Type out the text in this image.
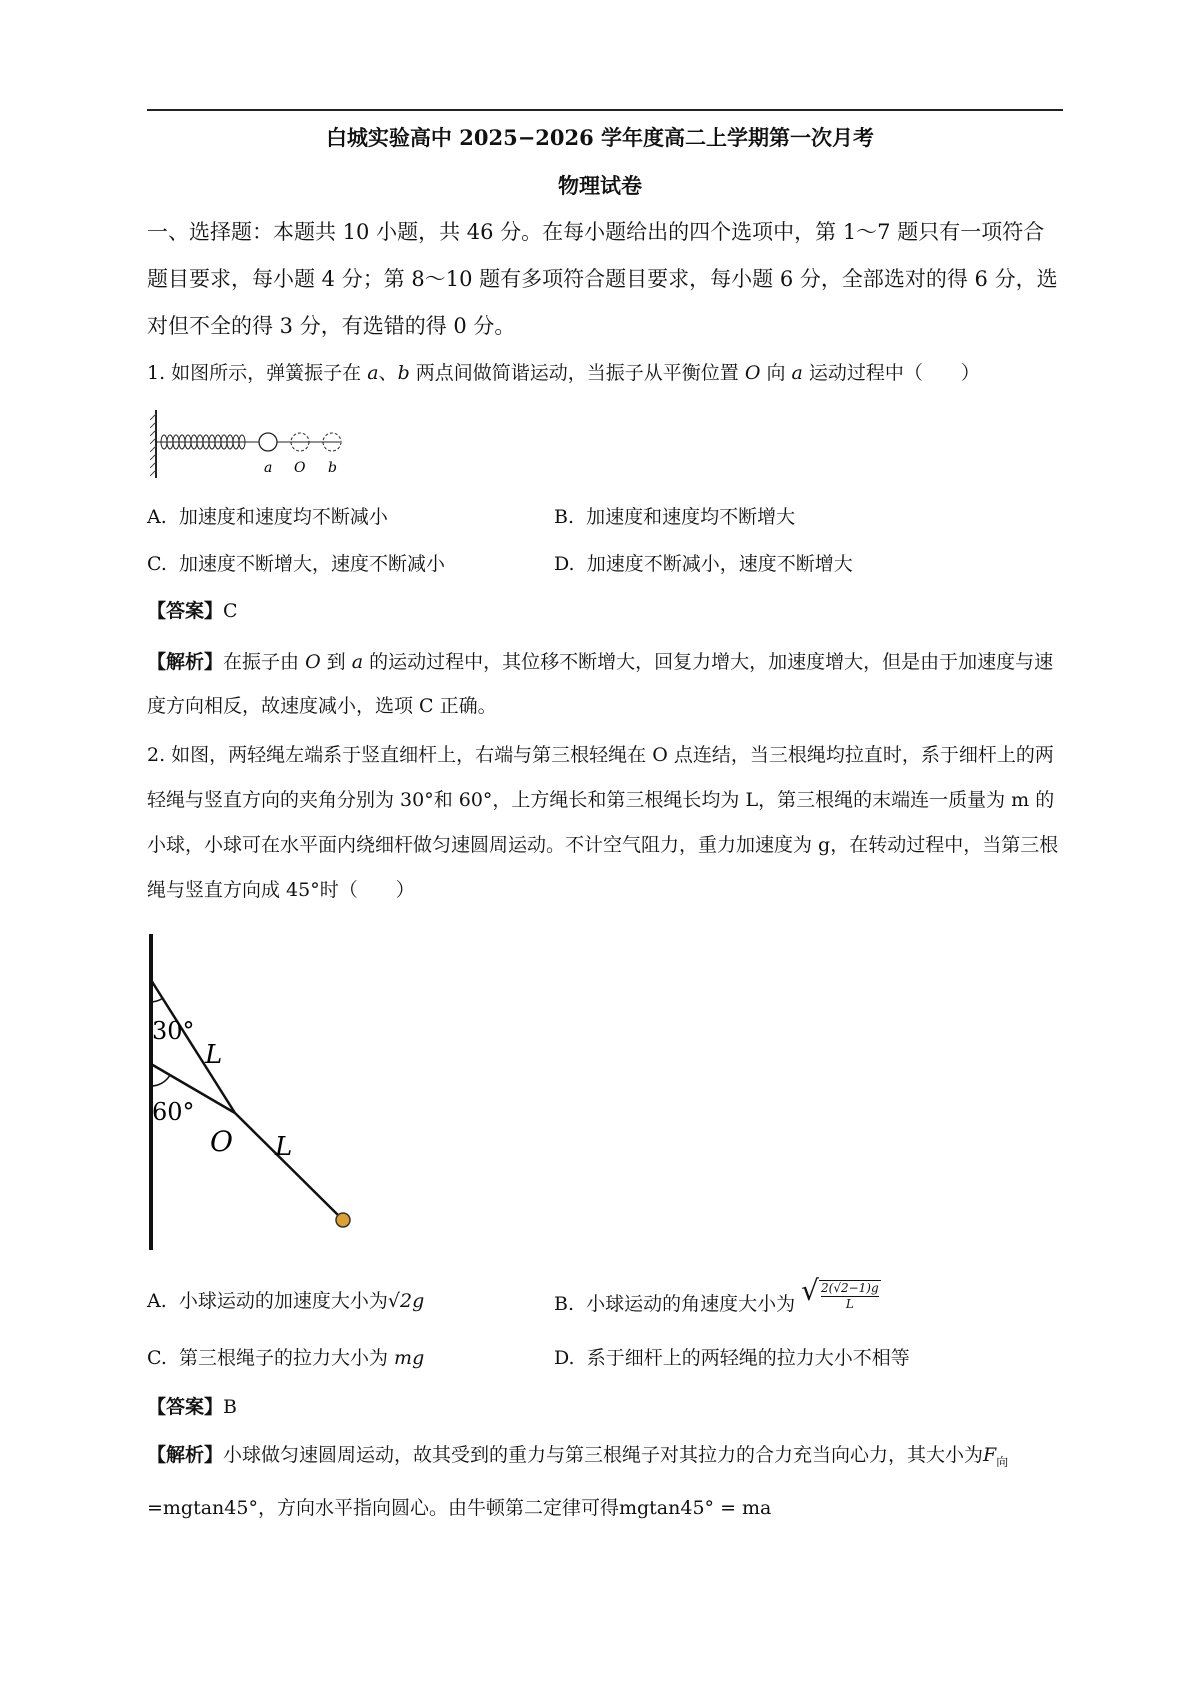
白城实验高中 2025−2026 学年度高二上学期第一次月考
物理试卷
一、选择题：本题共 10 小题，共 46 分。在每小题给出的四个选项中，第 1～7 题只有一项符合题目要求，每小题 4 分；第 8～10 题有多项符合题目要求，每小题 6 分，全部选对的得 6 分，选对但不全的得 3 分，有选错的得 0 分。
1. 如图所示，弹簧振子在 a、b 两点间做简谐运动，当振子从平衡位置 O 向 a 运动过程中（　　）
a O b
A. 加速度和速度均不断减小	B. 加速度和速度均不断增大
C. 加速度不断增大，速度不断减小	D. 加速度不断减小，速度不断增大
【答案】C
【解析】在振子由 O 到 a 的运动过程中，其位移不断增大，回复力增大，加速度增大，但是由于加速度与速度方向相反，故速度减小，选项 C 正确。
2. 如图，两轻绳左端系于竖直细杆上，右端与第三根轻绳在 O 点连结，当三根绳均拉直时，系于细杆上的两轻绳与竖直方向的夹角分别为 30°和 60°，上方绳长和第三根绳长均为 L，第三根绳的末端连一质量为 m 的小球，小球可在水平面内绕细杆做匀速圆周运动。不计空气阻力，重力加速度为 g，在转动过程中，当第三根绳与竖直方向成 45°时（　　）
30°
60°
L
O L
A. 小球运动的加速度大小为√2g	B. 小球运动的角速度大小为 √ $\frac{2(√2-1)g}{L}$
C. 第三根绳子的拉力大小为 mg	D. 系于细杆上的两轻绳的拉力大小不相等
【答案】B
【解析】小球做匀速圆周运动，故其受到的重力与第三根绳子对其拉力的合力充当向心力，其大小为$F_向=mgtan45^\circ$，方向水平指向圆心。由牛顿第二定律可得mgtan45° = ma
